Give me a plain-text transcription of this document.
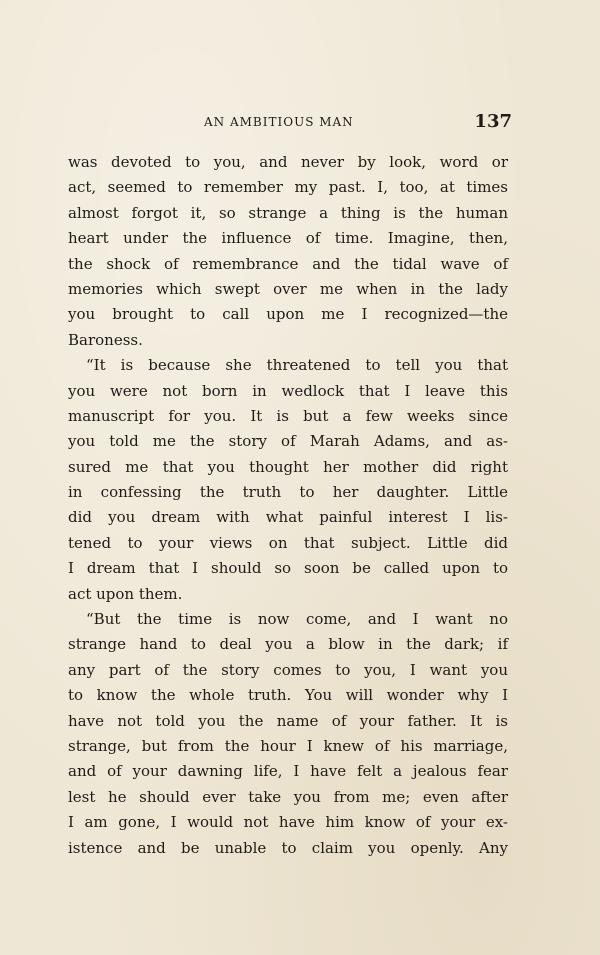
AN AMBITIOUS MAN	137
was devoted to you, and never by look, word or
act, seemed to remember my past. I, too, at times
almost forgot it, so strange a thing is the human
heart under the influence of time. Imagine, then,
the shock of remembrance and the tidal wave of
memories which swept over me when in the lady
you brought to call upon me I recognized—the
Baroness.
“It is because she threatened to tell you that
you were not born in wedlock that I leave this
manuscript for you. It is but a few weeks since
you told me the story of Marah Adams, and as-
sured me that you thought her mother did right
in confessing the truth to her daughter. Little
did you dream with what painful interest I lis-
tened to your views on that subject. Little did
I dream that I should so soon be called upon to
act upon them.
“But the time is now come, and I want no
strange hand to deal you a blow in the dark; if
any part of the story comes to you, I want you
to know the whole truth. You will wonder why I
have not told you the name of your father. It is
strange, but from the hour I knew of his marriage,
and of your dawning life, I have felt a jealous fear
lest he should ever take you from me; even after
I am gone, I would not have him know of your ex-
istence and be unable to claim you openly. Any
